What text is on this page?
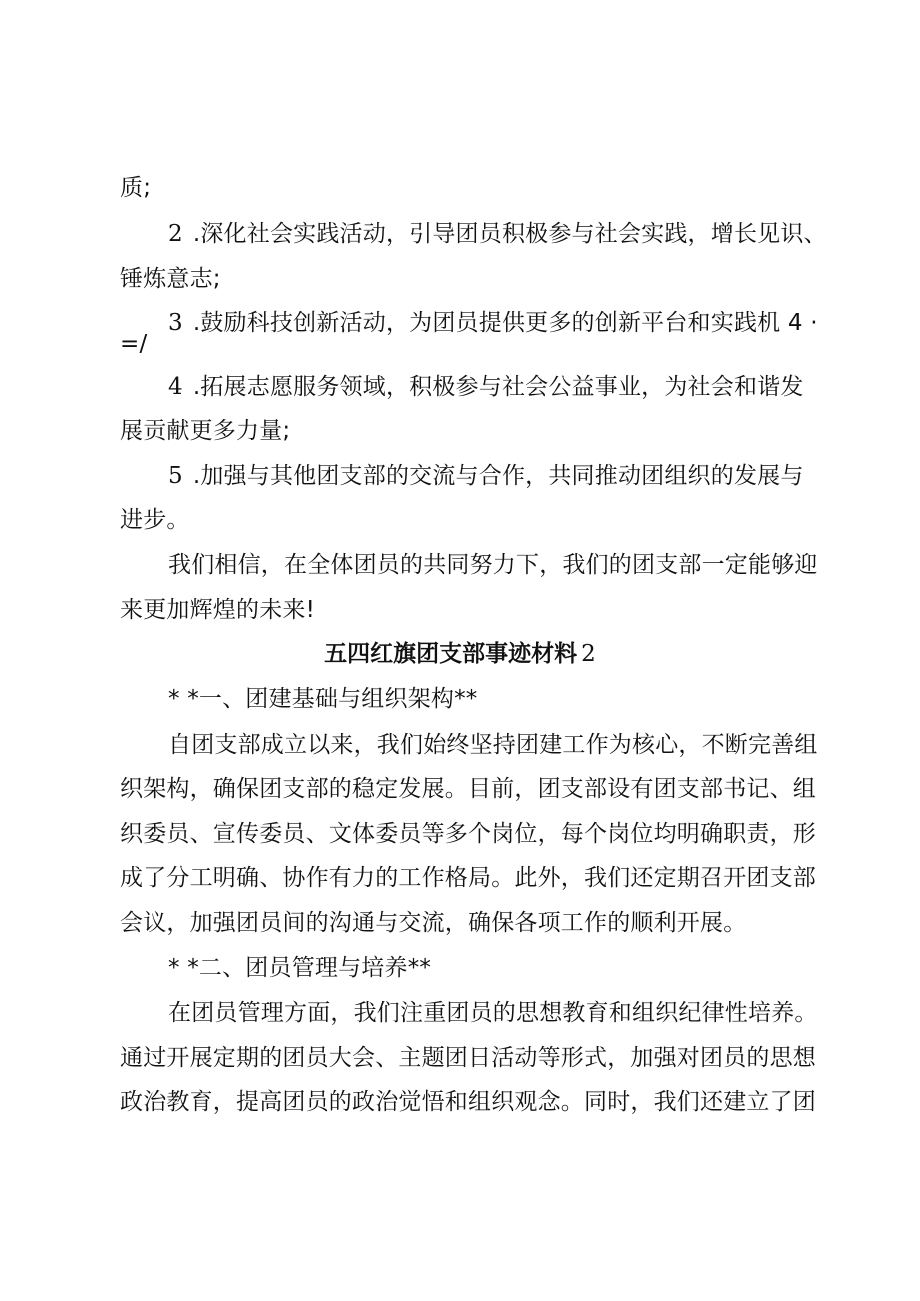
质;
2 .深化社会实践活动，引导团员积极参与社会实践，增长见识、
锤炼意志;
3 .鼓励科技创新活动，为团员提供更多的创新平台和实践机 4 ·
=/
4 .拓展志愿服务领域，积极参与社会公益事业，为社会和谐发
展贡献更多力量;
5 .加强与其他团支部的交流与合作，共同推动团组织的发展与
进步。
我们相信，在全体团员的共同努力下，我们的团支部一定能够迎
来更加辉煌的未来!
五四红旗团支部事迹材料 2
* *一、团建基础与组织架构**
自团支部成立以来，我们始终坚持团建工作为核心，不断完善组
织架构，确保团支部的稳定发展。目前，团支部设有团支部书记、组
织委员、宣传委员、文体委员等多个岗位，每个岗位均明确职责，形
成了分工明确、协作有力的工作格局。此外，我们还定期召开团支部
会议，加强团员间的沟通与交流，确保各项工作的顺利开展。
* *二、团员管理与培养**
在团员管理方面，我们注重团员的思想教育和组织纪律性培养。
通过开展定期的团员大会、主题团日活动等形式，加强对团员的思想
政治教育，提高团员的政治觉悟和组织观念。同时，我们还建立了团
